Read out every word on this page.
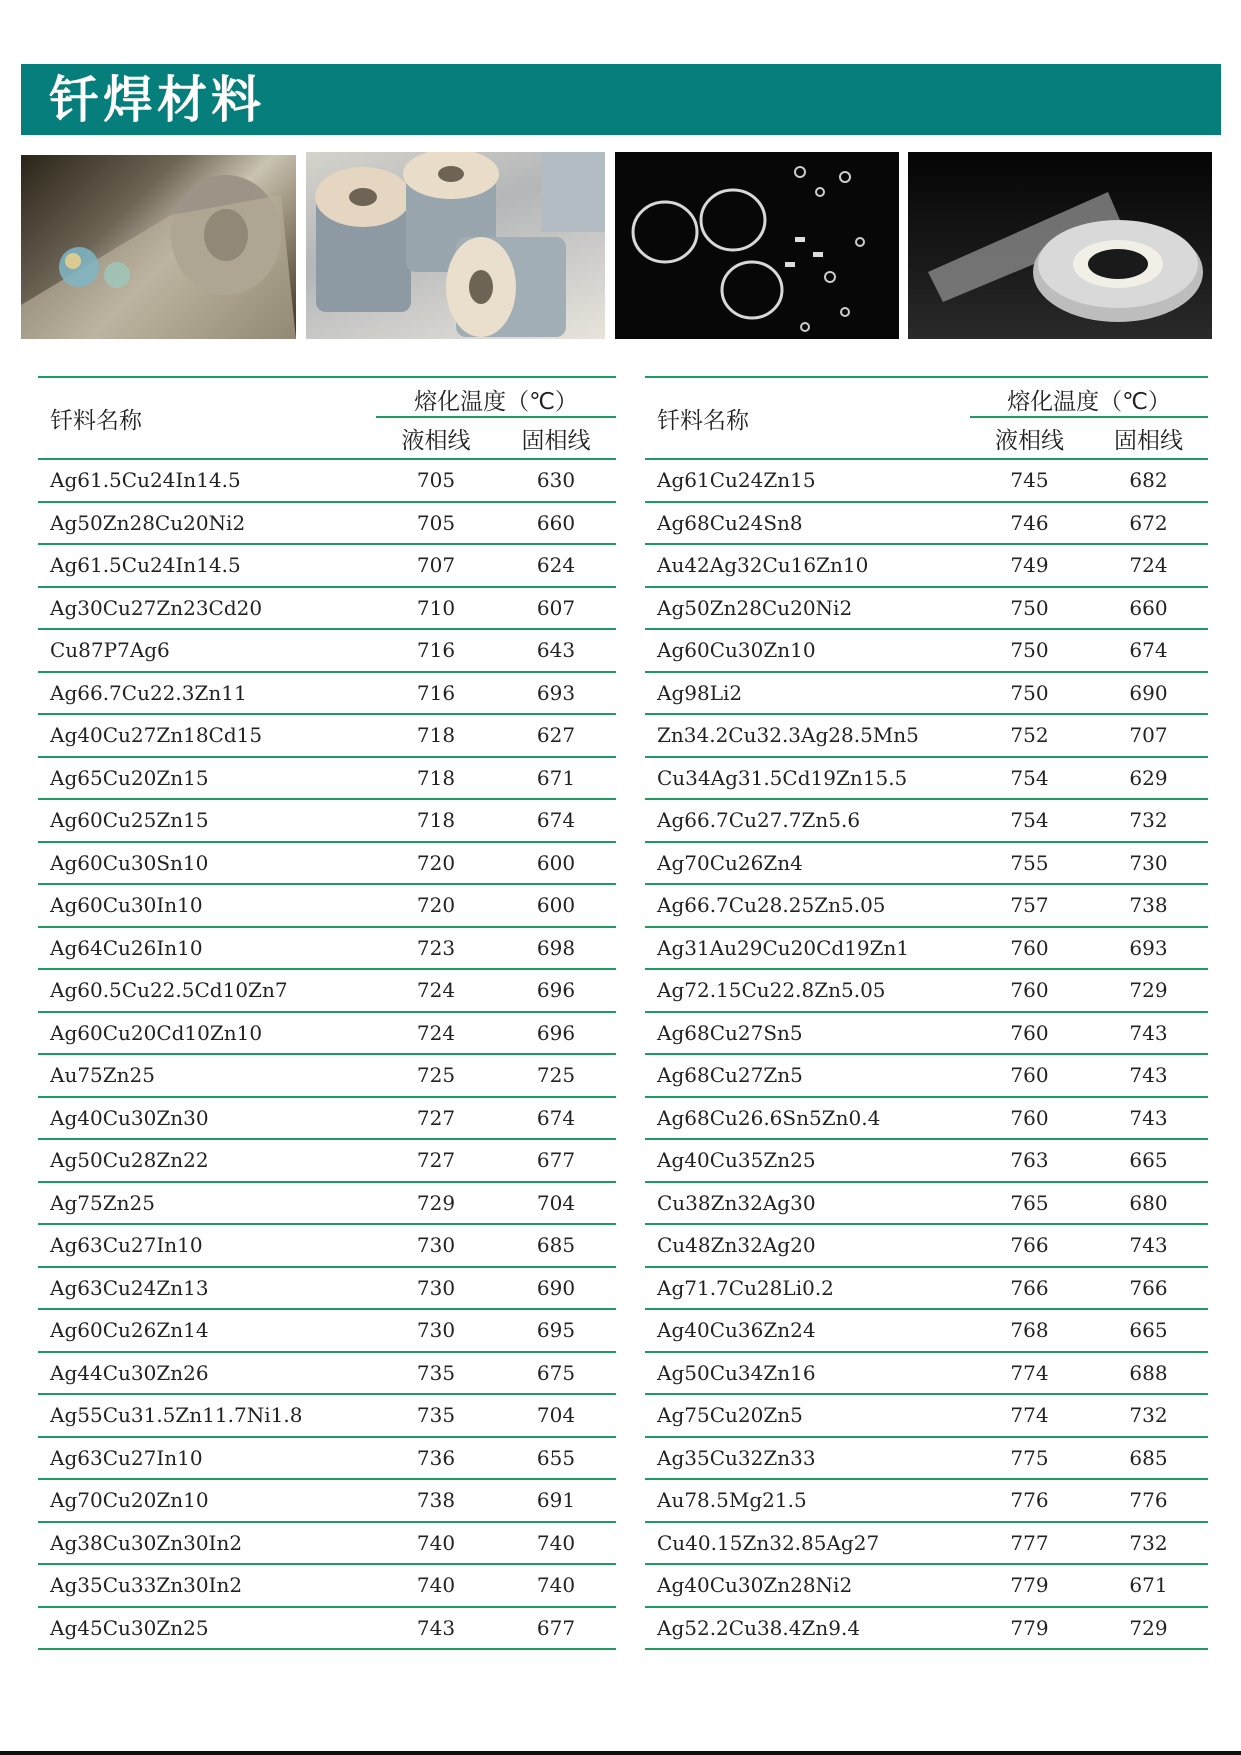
钎焊材料
钎料名称	熔化温度（℃）	
	液相线	固相线
Ag61.5Cu24In14.5	705	630
Ag50Zn28Cu20Ni2	705	660
Ag61.5Cu24In14.5	707	624
Ag30Cu27Zn23Cd20	710	607
Cu87P7Ag6	716	643
Ag66.7Cu22.3Zn11	716	693
Ag40Cu27Zn18Cd15	718	627
Ag65Cu20Zn15	718	671
Ag60Cu25Zn15	718	674
Ag60Cu30Sn10	720	600
Ag60Cu30In10	720	600
Ag64Cu26In10	723	698
Ag60.5Cu22.5Cd10Zn7	724	696
Ag60Cu20Cd10Zn10	724	696
Au75Zn25	725	725
Ag40Cu30Zn30	727	674
Ag50Cu28Zn22	727	677
Ag75Zn25	729	704
Ag63Cu27In10	730	685
Ag63Cu24Zn13	730	690
Ag60Cu26Zn14	730	695
Ag44Cu30Zn26	735	675
Ag55Cu31.5Zn11.7Ni1.8	735	704
Ag63Cu27In10	736	655
Ag70Cu20Zn10	738	691
Ag38Cu30Zn30In2	740	740
Ag35Cu33Zn30In2	740	740
Ag45Cu30Zn25	743	677
钎料名称	熔化温度（℃）	
	液相线	固相线
Ag61Cu24Zn15	745	682
Ag68Cu24Sn8	746	672
Au42Ag32Cu16Zn10	749	724
Ag50Zn28Cu20Ni2	750	660
Ag60Cu30Zn10	750	674
Ag98Li2	750	690
Zn34.2Cu32.3Ag28.5Mn5	752	707
Cu34Ag31.5Cd19Zn15.5	754	629
Ag66.7Cu27.7Zn5.6	754	732
Ag70Cu26Zn4	755	730
Ag66.7Cu28.25Zn5.05	757	738
Ag31Au29Cu20Cd19Zn1	760	693
Ag72.15Cu22.8Zn5.05	760	729
Ag68Cu27Sn5	760	743
Ag68Cu27Zn5	760	743
Ag68Cu26.6Sn5Zn0.4	760	743
Ag40Cu35Zn25	763	665
Cu38Zn32Ag30	765	680
Cu48Zn32Ag20	766	743
Ag71.7Cu28Li0.2	766	766
Ag40Cu36Zn24	768	665
Ag50Cu34Zn16	774	688
Ag75Cu20Zn5	774	732
Ag35Cu32Zn33	775	685
Au78.5Mg21.5	776	776
Cu40.15Zn32.85Ag27	777	732
Ag40Cu30Zn28Ni2	779	671
Ag52.2Cu38.4Zn9.4	779	729
